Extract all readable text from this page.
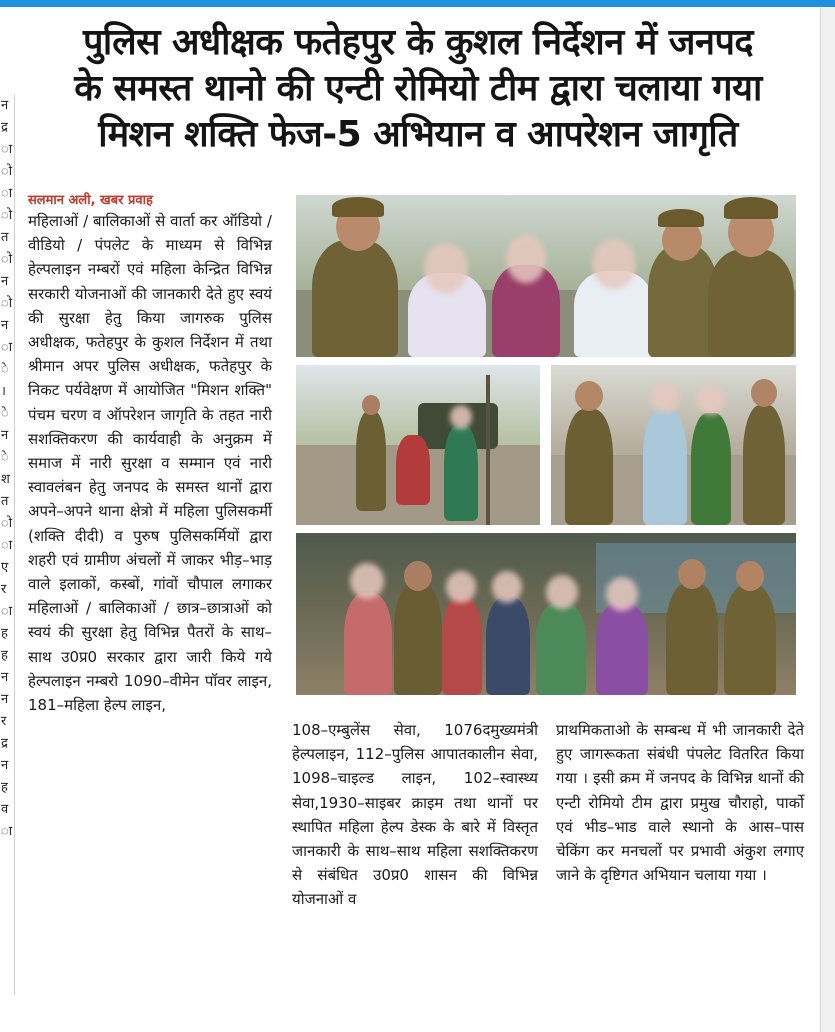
न
द्र
ा
ो
ा
ो
त
ो
न
ो
न
ा
े
।
े
न
े
श
त
ो
ा
ए
र
ा
ह
ह
न
न
र
द्र
न
ह
व
ा
पुलिस अधीक्षक फतेहपुर के कुशल निर्देशन में जनपद
के समस्त थानो की एन्टी रोमियो टीम द्वारा चलाया गया
मिशन शक्ति फेज-5 अभियान व आपरेशन जागृति
सलमान अली, खबर प्रवाह
महिलाओं / बालिकाओं से वार्ता कर ऑडियो / वीडियो / पंपलेट के माध्यम से विभिन्न हेल्पलाइन नम्बरों एवं महिला केन्द्रित विभिन्न सरकारी योजनाओं की जानकारी देते हुए स्वयं की सुरक्षा हेतु किया जागरुक पुलिस अधीक्षक, फतेहपुर के कुशल निर्देशन में तथा श्रीमान अपर पुलिस अधीक्षक, फतेहपुर के निकट पर्यवेक्षण में आयोजित "मिशन शक्ति" पंचम चरण व ऑपरेशन जागृति के तहत नारी सशक्तिकरण की कार्यवाही के अनुक्रम में समाज में नारी सुरक्षा व सम्मान एवं नारी स्वावलंबन हेतु जनपद के समस्त थानों द्वारा अपने–अपने थाना क्षेत्रो में महिला पुलिसकर्मी (शक्ति दीदी) व पुरुष पुलिसकर्मियों द्वारा शहरी एवं ग्रामीण अंचलों में जाकर भीड़–भाड़ वाले इलाकों, कस्बों, गांवों चौपाल लगाकर महिलाओं / बालिकाओं / छात्र–छात्राओं को स्वयं की सुरक्षा हेतु विभिन्न पैतरों के साथ–साथ उ0प्र0 सरकार द्वारा जारी किये गये हेल्पलाइन नम्बरो 1090–वीमेन पॉवर लाइन, 181–महिला हेल्प लाइन,
108–एम्बुलेंस सेवा, 1076दमुख्यमंत्री हेल्पलाइन, 112–पुलिस आपातकालीन सेवा, 1098–चाइल्ड लाइन, 102–स्वास्थ्य सेवा,1930–साइबर क्राइम तथा थानों पर स्थापित महिला हेल्प डेस्क के बारे में विस्तृत जानकारी के साथ–साथ महिला सशक्तिकरण से संबंधित उ0प्र0 शासन की विभिन्न योजनाओं व
प्राथमिकताओ के सम्बन्ध में भी जानकारी देते हुए जागरूकता संबंधी पंपलेट वितरित किया गया । इसी क्रम में जनपद के विभिन्न थानों की एन्टी रोमियो टीम द्वारा प्रमुख चौराहो, पार्को एवं भीड–भाड वाले स्थानो के आस–पास चेकिंग कर मनचलों पर प्रभावी अंकुश लगाए जाने के दृष्टिगत अभियान चलाया गया ।
